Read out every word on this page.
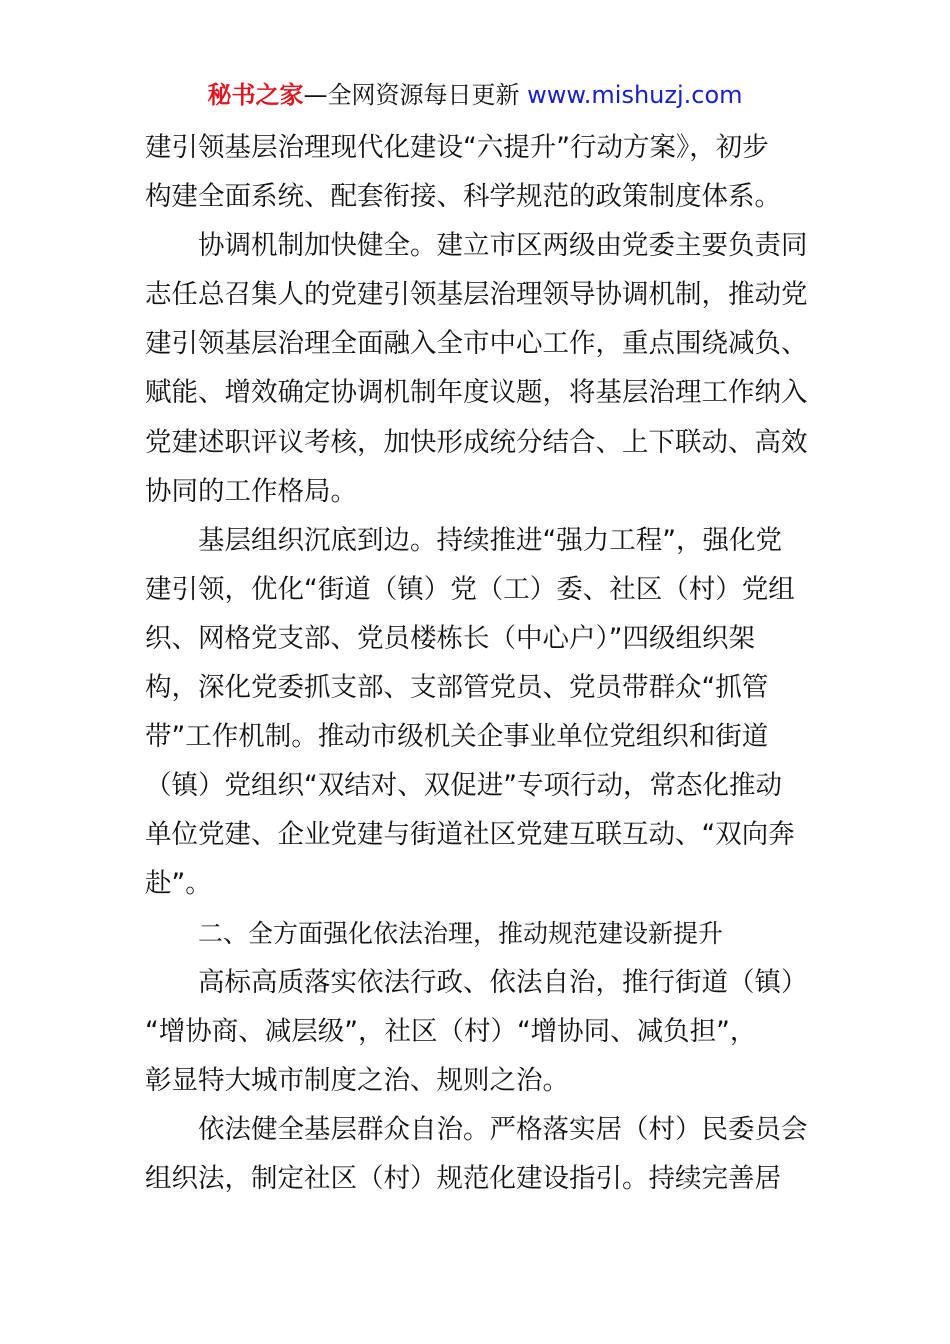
秘书之家—全网资源每日更新 www.mishuzj.com
建引领基层治理现代化建设“六提升”行动方案》，初步
构建全面系统、配套衔接、科学规范的政策制度体系。
协调机制加快健全。建立市区两级由党委主要负责同
志任总召集人的党建引领基层治理领导协调机制，推动党
建引领基层治理全面融入全市中心工作，重点围绕减负、
赋能、增效确定协调机制年度议题，将基层治理工作纳入
党建述职评议考核，加快形成统分结合、上下联动、高效
协同的工作格局。
基层组织沉底到边。持续推进“强力工程”，强化党
建引领，优化“街道（镇）党（工）委、社区（村）党组
织、网格党支部、党员楼栋长（中心户）”四级组织架
构，深化党委抓支部、支部管党员、党员带群众“抓管
带”工作机制。推动市级机关企事业单位党组织和街道
（镇）党组织“双结对、双促进”专项行动，常态化推动
单位党建、企业党建与街道社区党建互联互动、“双向奔
赴”。
二、全方面强化依法治理，推动规范建设新提升
高标高质落实依法行政、依法自治，推行街道（镇）
“增协商、减层级”，社区（村）“增协同、减负担”，
彰显特大城市制度之治、规则之治。
依法健全基层群众自治。严格落实居（村）民委员会
组织法，制定社区（村）规范化建设指引。持续完善居
